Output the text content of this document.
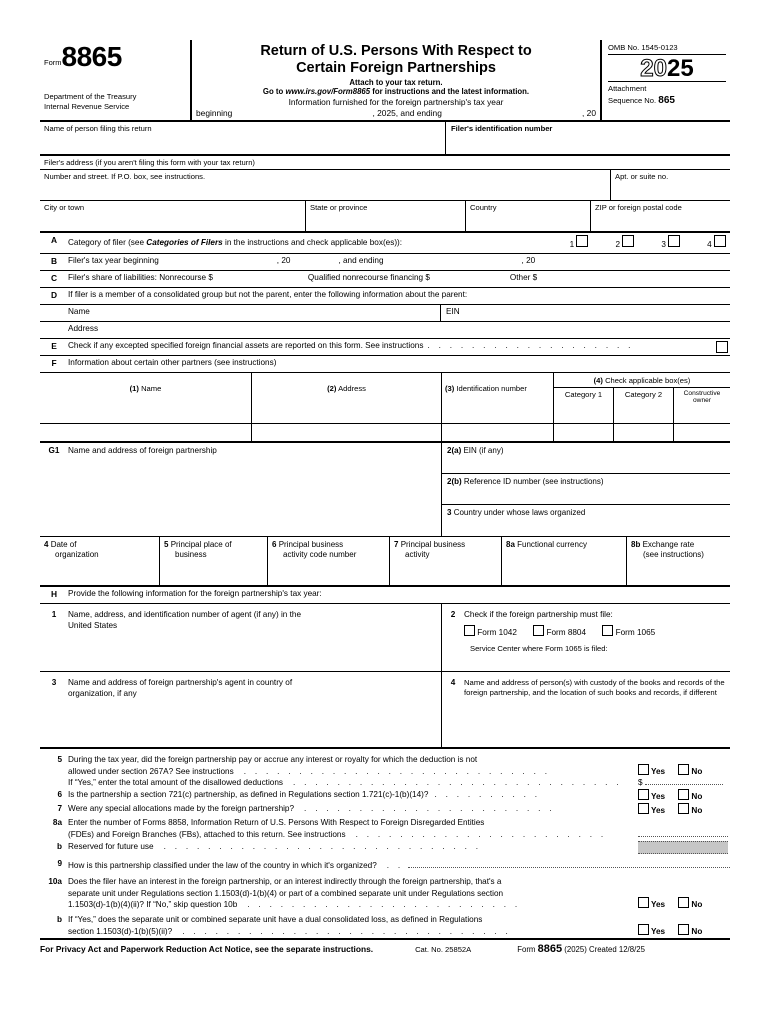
Form8865
Department of the Treasury
Internal Revenue Service
Return of U.S. Persons With Respect to
Certain Foreign Partnerships
Attach to your tax return.
Go to www.irs.gov/Form8865 for instructions and the latest information.
Information furnished for the foreign partnership's tax year
beginning	, 2025, and ending	, 20
OMB No. 1545-0123
2025
Attachment
Sequence No. 865
Name of person filing this return	Filer's identification number
Filer's address (if you aren't filing this form with your tax return)
Number and street. If P.O. box, see instructions.	Apt. or suite no.
City or town	State or province	Country	ZIP or foreign postal code
A	Category of filer (see Categories of Filers in the instructions and check applicable box(es)):	1	2	3	4
B	Filer's tax year beginning	, 20	, and ending	, 20
C	Filer's share of liabilities: Nonrecourse $	Qualified nonrecourse financing $	Other $
D	If filer is a member of a consolidated group but not the parent, enter the following information about the parent:
Name	EIN
Address
E	Check if any excepted specified foreign financial assets are reported on this form. See instructions . . . . . . . . . . . . . . . . . . .
F	Information about certain other partners (see instructions)
(1) Name	(2) Address	(3) Identification number
(4) Check applicable box(es)
Category 1	Category 2	Constructive owner
G1	Name and address of foreign partnership	2(a) EIN (if any)
2(b) Reference ID number (see instructions)
3 Country under whose laws organized
4 Date of
organization
5 Principal place of
business
6 Principal business
activity code number
7 Principal business
activity
8a Functional currency	8b Exchange rate
(see instructions)
H	Provide the following information for the foreign partnership's tax year:
1	Name, address, and identification number of agent (if any) in the
United States
2	Check if the foreign partnership must file:
Form 1042	Form 8804	Form 1065
Service Center where Form 1065 is filed:
3	Name and address of foreign partnership's agent in country of
organization, if any
4	Name and address of person(s) with custody of the books and records of the
foreign partnership, and the location of such books and records, if different
5 During the tax year, did the foreign partnership pay or accrue any interest or royalty for which the deduction is not
allowed under section 267A? See instructions	. . . . . . . . . . . . . . . . . . . . . . . . . . . .	Yes	No
If “Yes,” enter the total amount of the disallowed deductions	. . . . . . . . . . . . . . . . . . . . . . . . . . . . . .	$
6 Is the partnership a section 721(c) partnership, as defined in Regulations section 1.721(c)-1(b)(14)? . . . . . . . . . .	Yes	No
7 Were any special allocations made by the foreign partnership?	. . . . . . . . . . . . . . . . . . . . . . .	Yes	No
8a Enter the number of Forms 8858, Information Return of U.S. Persons With Respect to Foreign Disregarded Entities
(FDEs) and Foreign Branches (FBs), attached to this return. See instructions	. . . . . . . . . . . . . . . . . . . . . . .
b Reserved for future use	. . . . . . . . . . . . . . . . . . . . . . . . . . . . .
9 How is this partnership classified under the law of the country in which it's organized?	. .
10a Does the filer have an interest in the foreign partnership, or an interest indirectly through the foreign partnership, that's a
separate unit under Regulations section 1.1503(d)-1(b)(4) or part of a combined separate unit under Regulations section
1.1503(d)-1(b)(4)(ii)? If “No,” skip question 10b	. . . . . . . . . . . . . . . . . . . . . . . . .	Yes	No
b If “Yes,” does the separate unit or combined separate unit have a dual consolidated loss, as defined in Regulations
section 1.1503(d)-1(b)(5)(ii)?	. . . . . . . . . . . . . . . . . . . . . . . . . . . . . .	Yes	No
For Privacy Act and Paperwork Reduction Act Notice, see the separate instructions.	Cat. No. 25852A	Form 8865 (2025) Created 12/8/25
